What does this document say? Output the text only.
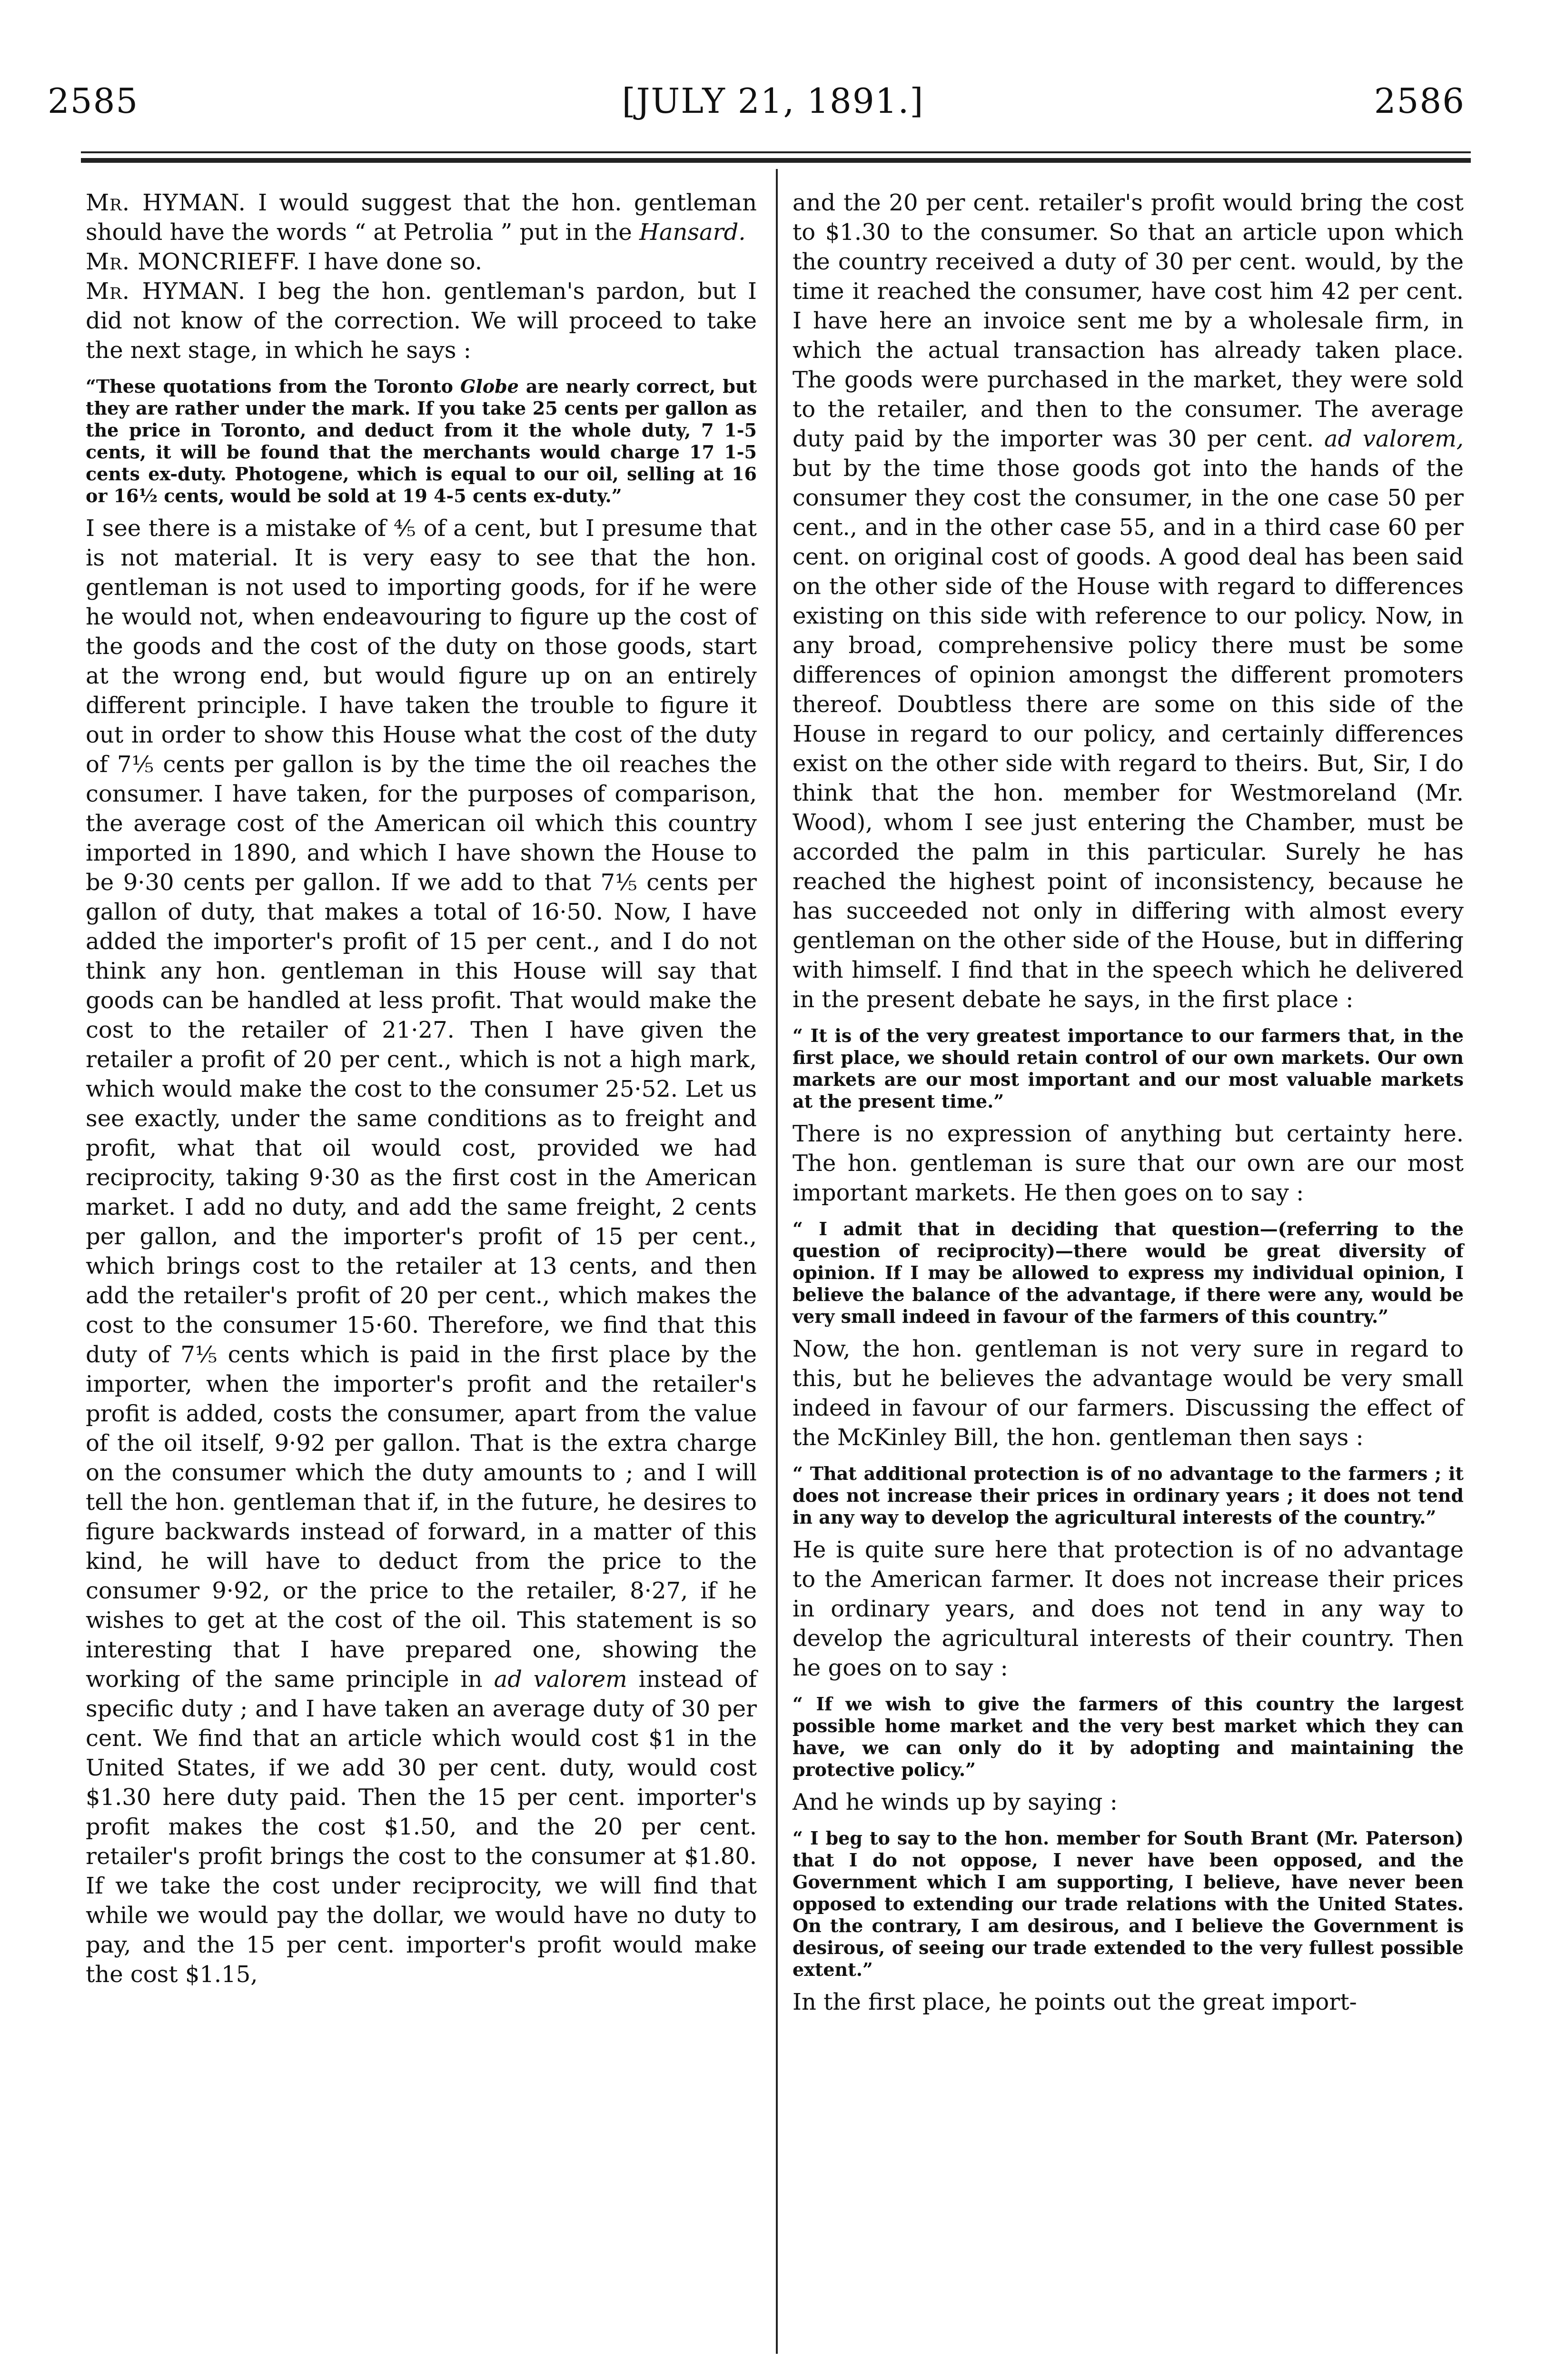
2585	[JULY 21, 1891.]	2586

Mr. HYMAN. I would suggest that the hon. gentleman should have the words “ at Petrolia ” put in the Hansard.

Mr. MONCRIEFF. I have done so.

Mr. HYMAN. I beg the hon. gentleman's pardon, but I did not know of the correction. We will proceed to take the next stage, in which he says :

“These quotations from the Toronto Globe are nearly correct, but they are rather under the mark. If you take 25 cents per gallon as the price in Toronto, and deduct from it the whole duty, 7 1-5 cents, it will be found that the merchants would charge 17 1-5 cents ex-duty. Photogene, which is equal to our oil, selling at 16 or 16½ cents, would be sold at 19 4-5 cents ex-duty.”

I see there is a mistake of ⅘ of a cent, but I presume that is not material. It is very easy to see that the hon. gentleman is not used to importing goods, for if he were he would not, when endeavouring to figure up the cost of the goods and the cost of the duty on those goods, start at the wrong end, but would figure up on an entirely different principle. I have taken the trouble to figure it out in order to show this House what the cost of the duty of 7⅕ cents per gallon is by the time the oil reaches the consumer. I have taken, for the purposes of comparison, the average cost of the American oil which this country imported in 1890, and which I have shown the House to be 9·30 cents per gallon. If we add to that 7⅕ cents per gallon of duty, that makes a total of 16·50. Now, I have added the importer's profit of 15 per cent., and I do not think any hon. gentleman in this House will say that goods can be handled at less profit. That would make the cost to the retailer of 21·27. Then I have given the retailer a profit of 20 per cent., which is not a high mark, which would make the cost to the consumer 25·52. Let us see exactly, under the same conditions as to freight and profit, what that oil would cost, provided we had reciprocity, taking 9·30 as the first cost in the American market. I add no duty, and add the same freight, 2 cents per gallon, and the importer's profit of 15 per cent., which brings cost to the retailer at 13 cents, and then add the retailer's profit of 20 per cent., which makes the cost to the consumer 15·60. Therefore, we find that this duty of 7⅕ cents which is paid in the first place by the importer, when the importer's profit and the retailer's profit is added, costs the consumer, apart from the value of the oil itself, 9·92 per gallon. That is the extra charge on the consumer which the duty amounts to ; and I will tell the hon. gentleman that if, in the future, he desires to figure backwards instead of forward, in a matter of this kind, he will have to deduct from the price to the consumer 9·92, or the price to the retailer, 8·27, if he wishes to get at the cost of the oil. This statement is so interesting that I have prepared one, showing the working of the same principle in ad valorem instead of specific duty ; and I have taken an average duty of 30 per cent. We find that an article which would cost $1 in the United States, if we add 30 per cent. duty, would cost $1.30 here duty paid. Then the 15 per cent. importer's profit makes the cost $1.50, and the 20 per cent. retailer's profit brings the cost to the consumer at $1.80. If we take the cost under reciprocity, we will find that while we would pay the dollar, we would have no duty to pay, and the 15 per cent. importer's profit would make the cost $1.15,

and the 20 per cent. retailer's profit would bring the cost to $1.30 to the consumer. So that an article upon which the country received a duty of 30 per cent. would, by the time it reached the consumer, have cost him 42 per cent. I have here an invoice sent me by a wholesale firm, in which the actual transaction has already taken place. The goods were purchased in the market, they were sold to the retailer, and then to the consumer. The average duty paid by the importer was 30 per cent. ad valorem, but by the time those goods got into the hands of the consumer they cost the consumer, in the one case 50 per cent., and in the other case 55, and in a third case 60 per cent. on original cost of goods. A good deal has been said on the other side of the House with regard to differences existing on this side with reference to our policy. Now, in any broad, comprehensive policy there must be some differences of opinion amongst the different promoters thereof. Doubtless there are some on this side of the House in regard to our policy, and certainly differences exist on the other side with regard to theirs. But, Sir, I do think that the hon. member for Westmoreland (Mr. Wood), whom I see just entering the Chamber, must be accorded the palm in this particular. Surely he has reached the highest point of inconsistency, because he has succeeded not only in differing with almost every gentleman on the other side of the House, but in differing with himself. I find that in the speech which he delivered in the present debate he says, in the first place :

“ It is of the very greatest importance to our farmers that, in the first place, we should retain control of our own markets. Our own markets are our most important and our most valuable markets at the present time.”

There is no expression of anything but certainty here. The hon. gentleman is sure that our own are our most important markets. He then goes on to say :

“ I admit that in deciding that question—(referring to the question of reciprocity)—there would be great diversity of opinion. If I may be allowed to express my individual opinion, I believe the balance of the advantage, if there were any, would be very small indeed in favour of the farmers of this country.”

Now, the hon. gentleman is not very sure in regard to this, but he believes the advantage would be very small indeed in favour of our farmers. Discussing the effect of the McKinley Bill, the hon. gentleman then says :

“ That additional protection is of no advantage to the farmers ; it does not increase their prices in ordinary years ; it does not tend in any way to develop the agricultural interests of the country.”

He is quite sure here that protection is of no advantage to the American farmer. It does not increase their prices in ordinary years, and does not tend in any way to develop the agricultural interests of their country. Then he goes on to say :

“ If we wish to give the farmers of this country the largest possible home market and the very best market which they can have, we can only do it by adopting and maintaining the protective policy.”

And he winds up by saying :

“ I beg to say to the hon. member for South Brant (Mr. Paterson) that I do not oppose, I never have been opposed, and the Government which I am supporting, I believe, have never been opposed to extending our trade relations with the United States. On the contrary, I am desirous, and I believe the Government is desirous, of seeing our trade extended to the very fullest possible extent.”

In the first place, he points out the great import-
